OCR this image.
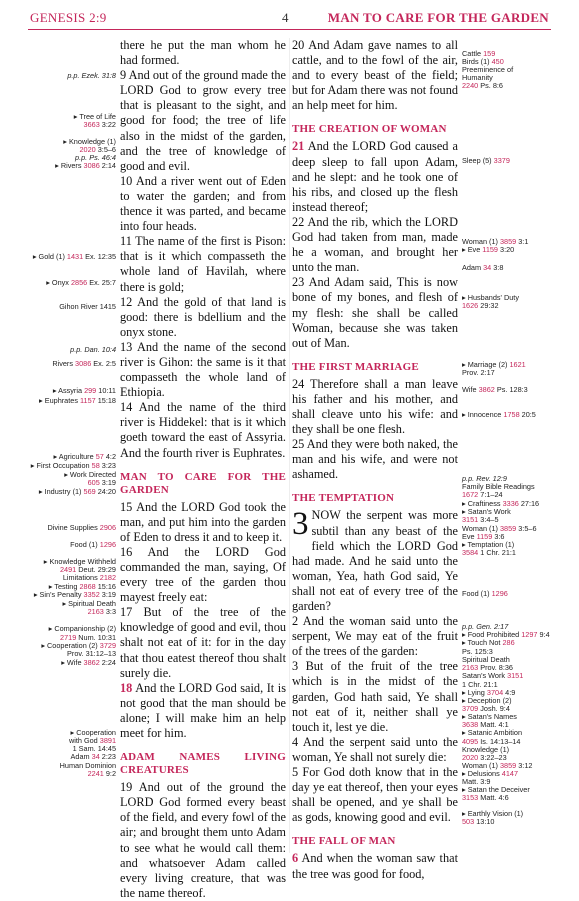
GENESIS 2:9	4	MAN TO CARE FOR THE GARDEN
p.p. Ezek. 31:8
▸ Tree of Life
3663 3:22
▸ Knowledge (1)
2020 3:5–6
p.p. Ps. 46:4
▸ Rivers 3086 2:14
▸ Gold (1) 1431 Ex. 12:35
▸ Onyx 2856 Ex. 25:7
Gihon River 1415
p.p. Dan. 10:4
Rivers 3086 Ex. 2:5
▸ Assyria 299 10:11
▸ Euphrates 1157 15:18
▸ Agriculture 57 4:2
▸ First Occupation 58 3:23
▸ Work Directed
605 3:19
▸ Industry (1) 569 24:20
Divine Supplies 2906
Food (1) 1296
▸ Knowledge Withheld
2491 Deut. 29:29
Limitations 2182
▸ Testing 2868 15:16
▸ Sin's Penalty 3352 3:19
▸ Spiritual Death
2163 3:3
▸ Companionship (2)
2719 Num. 10:31
▸ Cooperation (2) 3729
Prov. 31:12–13
▸ Wife 3862 2:24
▸ Cooperation
with God 3891
1 Sam. 14:45
Adam 34 2:23
Human Dominion
2241 9:2
Cattle 159
Birds (1) 450
Preeminence of
Humanity
2240 Ps. 8:6
Sleep (5) 3379
Woman (1) 3859 3:1
▸ Eve 1159 3:20
Adam 34 3:8
▸ Husbands' Duty
1626 29:32
▸ Marriage (2) 1621
Prov. 2:17
Wife 3862 Ps. 128:3
▸ Innocence 1758 20:5
p.p. Rev. 12:9
Family Bible Readings
1672 7:1–24
▸ Craftiness 3336 27:16
▸ Satan's Work
3151 3:4–5
Woman (1) 3859 3:5–6
Eve 1159 3:6
▸ Temptation (1)
3584 1 Chr. 21:1
Food (1) 1296
p.p. Gen. 2:17
▸ Food Prohibited 1297 9:4
▸ Touch Not 286
Ps. 125:3
Spiritual Death
2163 Prov. 8:36
Satan's Work 3151
1 Chr. 21:1
▸ Lying 3704 4:9
▸ Deception (2)
3709 Josh. 9:4
▸ Satan's Names
3638 Matt. 4:1
▸ Satanic Ambition
4095 Is. 14:13–14
Knowledge (1)
2020 3:22–23
Woman (1) 3859 3:12
▸ Delusions 4147
Matt. 3:9
▸ Satan the Deceiver
3153 Matt. 4:6
▸ Earthly Vision (1)
503 13:10

there he put the man whom he had formed.

9 And out of the ground made the LORD God to grow every tree that is pleasant to the sight, and good for food; the tree of life also in the midst of the garden, and the tree of knowledge of good and evil.

10 And a river went out of Eden to water the garden; and from thence it was parted, and became into four heads.

11 The name of the first is Pison: that is it which compasseth the whole land of Havilah, where there is gold;

12 And the gold of that land is good: there is bdellium and the onyx stone.

13 And the name of the second river is Gihon: the same is it that compasseth the whole land of Ethiopia.

14 And the name of the third river is Hiddekel: that is it which goeth toward the east of Assyria. And the fourth river is Euphrates.

MAN TO CARE FOR THE GARDEN

15 And the LORD God took the man, and put him into the garden of Eden to dress it and to keep it.

16 And the LORD God commanded the man, saying, Of every tree of the garden thou mayest freely eat:

17 But of the tree of the knowledge of good and evil, thou shalt not eat of it: for in the day that thou eatest thereof thou shalt surely die.

18 And the LORD God said, It is not good that the man should be alone; I will make him an help meet for him.

ADAM NAMES LIVING CREATURES

19 And out of the ground the LORD God formed every beast of the field, and every fowl of the air; and brought them unto Adam to see what he would call them: and whatsoever Adam called every living creature, that was the name thereof.

20 And Adam gave names to all cattle, and to the fowl of the air, and to every beast of the field; but for Adam there was not found an help meet for him.

THE CREATION OF WOMAN

21 And the LORD God caused a deep sleep to fall upon Adam, and he slept: and he took one of his ribs, and closed up the flesh instead thereof;

22 And the rib, which the LORD God had taken from man, made he a woman, and brought her unto the man.

23 And Adam said, This is now bone of my bones, and flesh of my flesh: she shall be called Woman, because she was taken out of Man.

THE FIRST MARRIAGE

24 Therefore shall a man leave his father and his mother, and shall cleave unto his wife: and they shall be one flesh.

25 And they were both naked, the man and his wife, and were not ashamed.

THE TEMPTATION

3 NOW the serpent was more subtil than any beast of the field which the LORD God had made. And he said unto the woman, Yea, hath God said, Ye shall not eat of every tree of the garden?

2 And the woman said unto the serpent, We may eat of the fruit of the trees of the garden:

3 But of the fruit of the tree which is in the midst of the garden, God hath said, Ye shall not eat of it, neither shall ye touch it, lest ye die.

4 And the serpent said unto the woman, Ye shall not surely die:

5 For God doth know that in the day ye eat thereof, then your eyes shall be opened, and ye shall be as gods, knowing good and evil.

THE FALL OF MAN

6 And when the woman saw that the tree was good for food,
